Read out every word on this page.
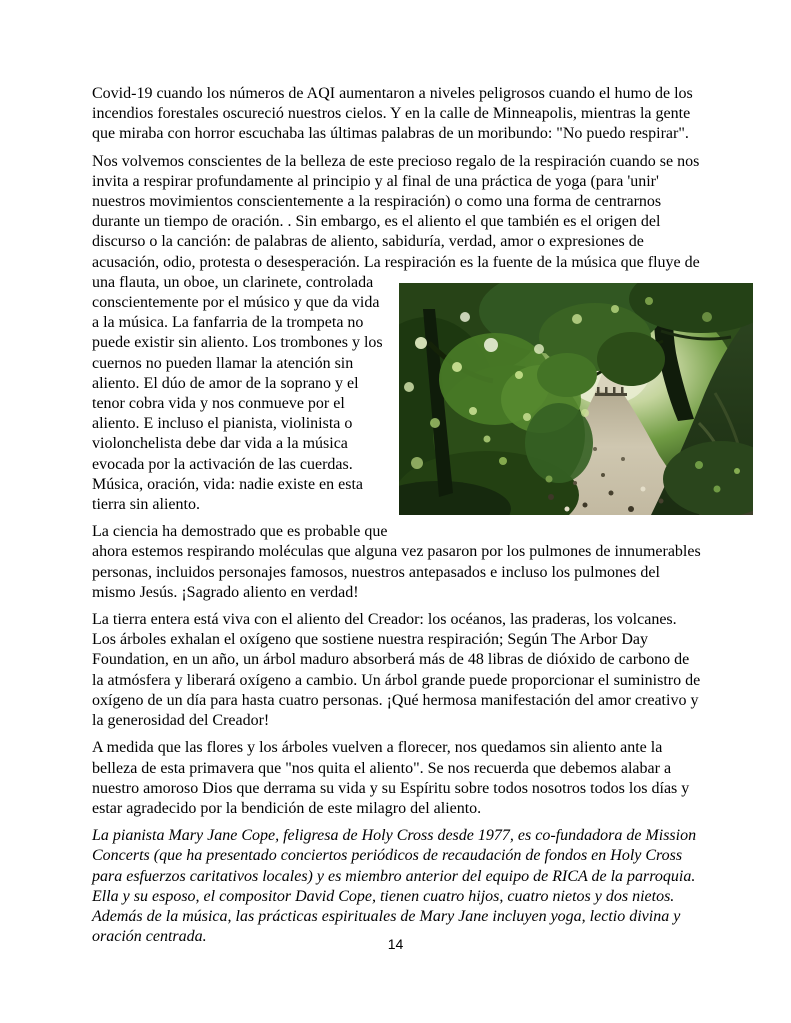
Covid-19 cuando los números de AQI aumentaron a niveles peligrosos cuando el humo de los incendios forestales oscureció nuestros cielos. Y en la calle de Minneapolis, mientras la gente que miraba con horror escuchaba las últimas palabras de un moribundo: "No puedo respirar".

Nos volvemos conscientes de la belleza de este precioso regalo de la respiración cuando se nos invita a respirar profundamente al principio y al final de una práctica de yoga (para 'unir' nuestros movimientos conscientemente a la respiración) o como una forma de centrarnos durante un tiempo de oración. . Sin embargo, es el aliento el que también es el origen del discurso o la canción: de palabras de aliento, sabiduría, verdad, amor o expresiones de acusación, odio, protesta o desesperación. La respiración es la fuente de la música que fluye de una flauta, un
oboe, un clarinete, controlada conscientemente por el músico y que da vida a la música. La fanfarria de la trompeta no puede existir sin aliento. Los trombones y los cuernos no pueden llamar la atención sin aliento. El dúo de amor de la soprano y el tenor cobra vida y nos conmueve por el aliento. E incluso el pianista, violinista o violonchelista debe dar vida a la música evocada por la activación de las cuerdas. Música, oración, vida: nadie existe en esta tierra sin aliento.

La ciencia ha demostrado que es probable que ahora estemos respirando moléculas que alguna vez pasaron por los pulmones de innumerables personas, incluidos personajes famosos, nuestros antepasados e incluso los pulmones del mismo Jesús. ¡Sagrado aliento en verdad!

La tierra entera está viva con el aliento del Creador: los océanos, las praderas, los volcanes. Los árboles exhalan el oxígeno que sostiene nuestra respiración; Según The Arbor Day Foundation, en un año, un árbol maduro absorberá más de 48 libras de dióxido de carbono de la atmósfera y liberará oxígeno a cambio. Un árbol grande puede proporcionar el suministro de oxígeno de un día para hasta cuatro personas. ¡Qué hermosa manifestación del amor creativo y la generosidad del Creador!

A medida que las flores y los árboles vuelven a florecer, nos quedamos sin aliento ante la belleza de esta primavera que "nos quita el aliento". Se nos recuerda que debemos alabar a nuestro amoroso Dios que derrama su vida y su Espíritu sobre todos nosotros todos los días y estar agradecido por la bendición de este milagro del aliento.

La pianista Mary Jane Cope, feligresa de Holy Cross desde 1977, es co-fundadora de Mission Concerts (que ha presentado conciertos periódicos de recaudación de fondos en Holy Cross para esfuerzos caritativos locales) y es miembro anterior del equipo de RICA de la parroquia. Ella y su esposo, el compositor David Cope, tienen cuatro hijos, cuatro nietos y dos nietos. Además de la música, las prácticas espirituales de Mary Jane incluyen yoga, lectio divina y oración centrada.	14
